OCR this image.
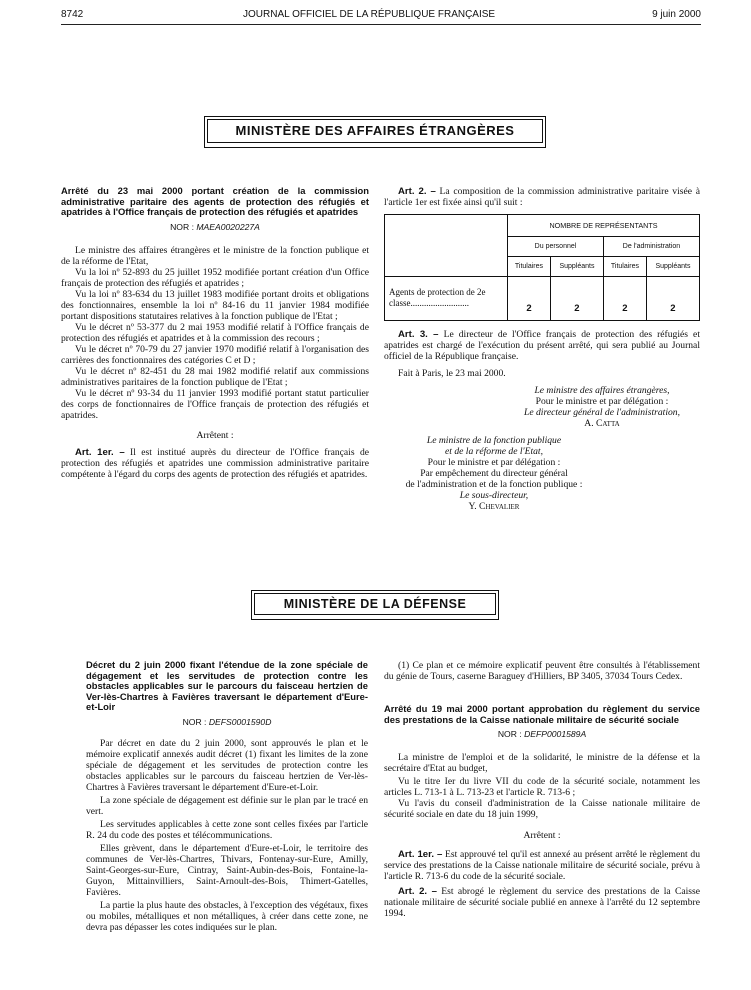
8742	JOURNAL OFFICIEL DE LA RÉPUBLIQUE FRANÇAISE	9 juin 2000
MINISTÈRE DES AFFAIRES ÉTRANGÈRES
Arrêté du 23 mai 2000 portant création de la commission administrative paritaire des agents de protection des réfugiés et apatrides à l'Office français de protection des réfugiés et apatrides
NOR : MAEA0020227A

Le ministre des affaires étrangères et le ministre de la fonction publique et de la réforme de l'Etat,

Vu la loi nº 52-893 du 25 juillet 1952 modifiée portant création d'un Office français de protection des réfugiés et apatrides ;

Vu la loi nº 83-634 du 13 juillet 1983 modifiée portant droits et obligations des fonctionnaires, ensemble la loi nº 84-16 du 11 janvier 1984 modifiée portant dispositions statutaires relatives à la fonction publique de l'Etat ;

Vu le décret nº 53-377 du 2 mai 1953 modifié relatif à l'Office français de protection des réfugiés et apatrides et à la commission des recours ;

Vu le décret nº 70-79 du 27 janvier 1970 modifié relatif à l'organisation des carrières des fonctionnaires des catégories C et D ;

Vu le décret nº 82-451 du 28 mai 1982 modifié relatif aux commissions administratives paritaires de la fonction publique de l'Etat ;

Vu le décret nº 93-34 du 11 janvier 1993 modifié portant statut particulier des corps de fonctionnaires de l'Office français de protection des réfugiés et apatrides.

Arrêtent :

Art. 1er. – Il est institué auprès du directeur de l'Office français de protection des réfugiés et apatrides une commission administrative paritaire compétente à l'égard du corps des agents de protection des réfugiés et apatrides.

Art. 2. – La composition de la commission administrative paritaire visée à l'article 1er est fixée ainsi qu'il suit :

	NOMBRE DE REPRÉSENTANTS			
	Du personnel		De l'administration	
	Titulaires	Suppléants	Titulaires	Suppléants
Agents de protection de 2e classe..........................	2	2	2	2

Art. 3. – Le directeur de l'Office français de protection des réfugiés et apatrides est chargé de l'exécution du présent arrêté, qui sera publié au Journal officiel de la République française.

Fait à Paris, le 23 mai 2000.

Le ministre des affaires étrangères,

Pour le ministre et par délégation :

Le directeur général de l'administration,

A. Catta

Le ministre de la fonction publique

et de la réforme de l'Etat,

Pour le ministre et par délégation :

Par empêchement du directeur général

de l'administration et de la fonction publique :

Le sous-directeur,

Y. Chevalier

MINISTÈRE DE LA DÉFENSE
Décret du 2 juin 2000 fixant l'étendue de la zone spéciale de dégagement et les servitudes de protection contre les obstacles applicables sur le parcours du faisceau hertzien de Ver-lès-Chartres à Favières traversant le département d'Eure-et-Loir
NOR : DEFS0001590D

Par décret en date du 2 juin 2000, sont approuvés le plan et le mémoire explicatif annexés audit décret (1) fixant les limites de la zone spéciale de dégagement et les servitudes de protection contre les obstacles applicables sur le parcours du faisceau hertzien de Ver-lès-Chartres à Favières traversant le département d'Eure-et-Loir.

La zone spéciale de dégagement est définie sur le plan par le tracé en vert.

Les servitudes applicables à cette zone sont celles fixées par l'article R. 24 du code des postes et télécommunications.

Elles grèvent, dans le département d'Eure-et-Loir, le territoire des communes de Ver-lès-Chartres, Thivars, Fontenay-sur-Eure, Amilly, Saint-Georges-sur-Eure, Cintray, Saint-Aubin-des-Bois, Fontaine-la-Guyon, Mittainvilliers, Saint-Arnoult-des-Bois, Thimert-Gatelles, Favières.

La partie la plus haute des obstacles, à l'exception des végétaux, fixes ou mobiles, métalliques et non métalliques, à créer dans cette zone, ne devra pas dépasser les cotes indiquées sur le plan.

(1) Ce plan et ce mémoire explicatif peuvent être consultés à l'établissement du génie de Tours, caserne Baraguey d'Hilliers, BP 3405, 37034 Tours Cedex.

Arrêté du 19 mai 2000 portant approbation du règlement du service des prestations de la Caisse nationale militaire de sécurité sociale
NOR : DEFP0001589A

La ministre de l'emploi et de la solidarité, le ministre de la défense et la secrétaire d'Etat au budget,

Vu le titre Ier du livre VII du code de la sécurité sociale, notamment les articles L. 713-1 à L. 713-23 et l'article R. 713-6 ;

Vu l'avis du conseil d'administration de la Caisse nationale militaire de sécurité sociale en date du 18 juin 1999,

Arrêtent :

Art. 1er. – Est approuvé tel qu'il est annexé au présent arrêté le règlement du service des prestations de la Caisse nationale militaire de sécurité sociale, prévu à l'article R. 713-6 du code de la sécurité sociale.

Art. 2. – Est abrogé le règlement du service des prestations de la Caisse nationale militaire de sécurité sociale publié en annexe à l'arrêté du 12 septembre 1994.
